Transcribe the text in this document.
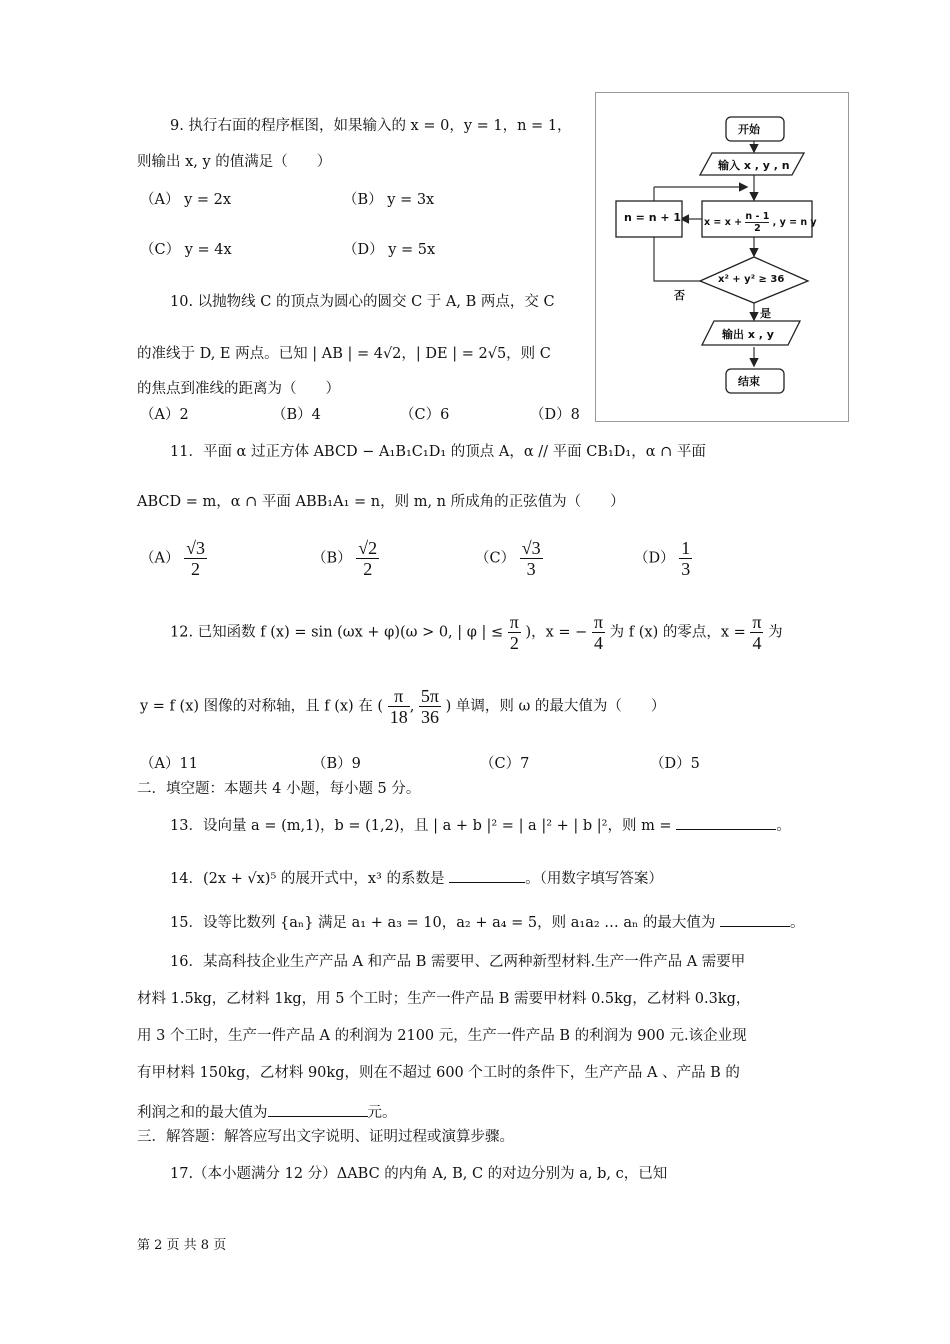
9. 执行右面的程序框图，如果输入的 x = 0，y = 1，n = 1，
则输出 x, y 的值满足（　　）
（A） y = 2x	（B） y = 3x
（C） y = 4x	（D） y = 5x
10. 以抛物线 C 的顶点为圆心的圆交 C 于 A, B 两点，交 C
的准线于 D, E 两点。已知 | AB | = 4√2，| DE | = 2√5，则 C
的焦点到准线的距离为（　　）
（A）2	（B）4	（C）6	（D）8
开始
输入 x , y , n
n = n + 1 $x = x + \frac{n - 1}{2}$ , y = n y
x² + y² ≥ 36
否
是
输出 x , y
结束
11．平面 α 过正方体 ABCD − A₁B₁C₁D₁ 的顶点 A，α // 平面 CB₁D₁，α ∩ 平面
ABCD = m，α ∩ 平面 ABB₁A₁ = n，则 m, n 所成角的正弦值为（　　）
$(A) \frac{√3}{2}$	$(B) \frac{√2}{2}$	$(C) \frac{√3}{3}$	$(D) \frac{1}{3}$
12. 已知函数 f (x) = sin (ωx + φ)(ω > 0, | φ | ≤ $\frac{\pi}{2}$ )，x = − $\frac{\pi}{4}$ 为 f (x) 的零点，$x = \frac{\pi}{4}$ 为
y = f (x) 图像的对称轴，且 f (x) 在 ( $\frac{\pi}{18}$ , $\frac{5\pi}{36}$ ) 单调，则 ω 的最大值为（　　）
（A）11	（B）9	（C）7	（D）5
二．填空题：本题共 4 小题，每小题 5 分。
13．设向量 a = (m,1)，b = (1,2)，且 | a + b |² = | a |² + | b |²，则 m =	。
14．(2x + √x)⁵ 的展开式中，x³ 的系数是	。（用数字填写答案）
15．设等比数列 {aₙ} 满足 a₁ + a₃ = 10，a₂ + a₄ = 5，则 a₁a₂ … aₙ 的最大值为	。
16．某高科技企业生产产品 A 和产品 B 需要甲、乙两种新型材料.生产一件产品 A 需要甲
材料 1.5kg，乙材料 1kg，用 5 个工时；生产一件产品 B 需要甲材料 0.5kg，乙材料 0.3kg，
用 3 个工时，生产一件产品 A 的利润为 2100 元，生产一件产品 B 的利润为 900 元.该企业现
有甲材料 150kg，乙材料 90kg，则在不超过 600 个工时的条件下，生产产品 A 、产品 B 的
利润之和的最大值为	元。
三．解答题：解答应写出文字说明、证明过程或演算步骤。
17.（本小题满分 12 分）ΔABC 的内角 A, B, C 的对边分别为 a, b, c，已知
第 2 页 共 8 页
